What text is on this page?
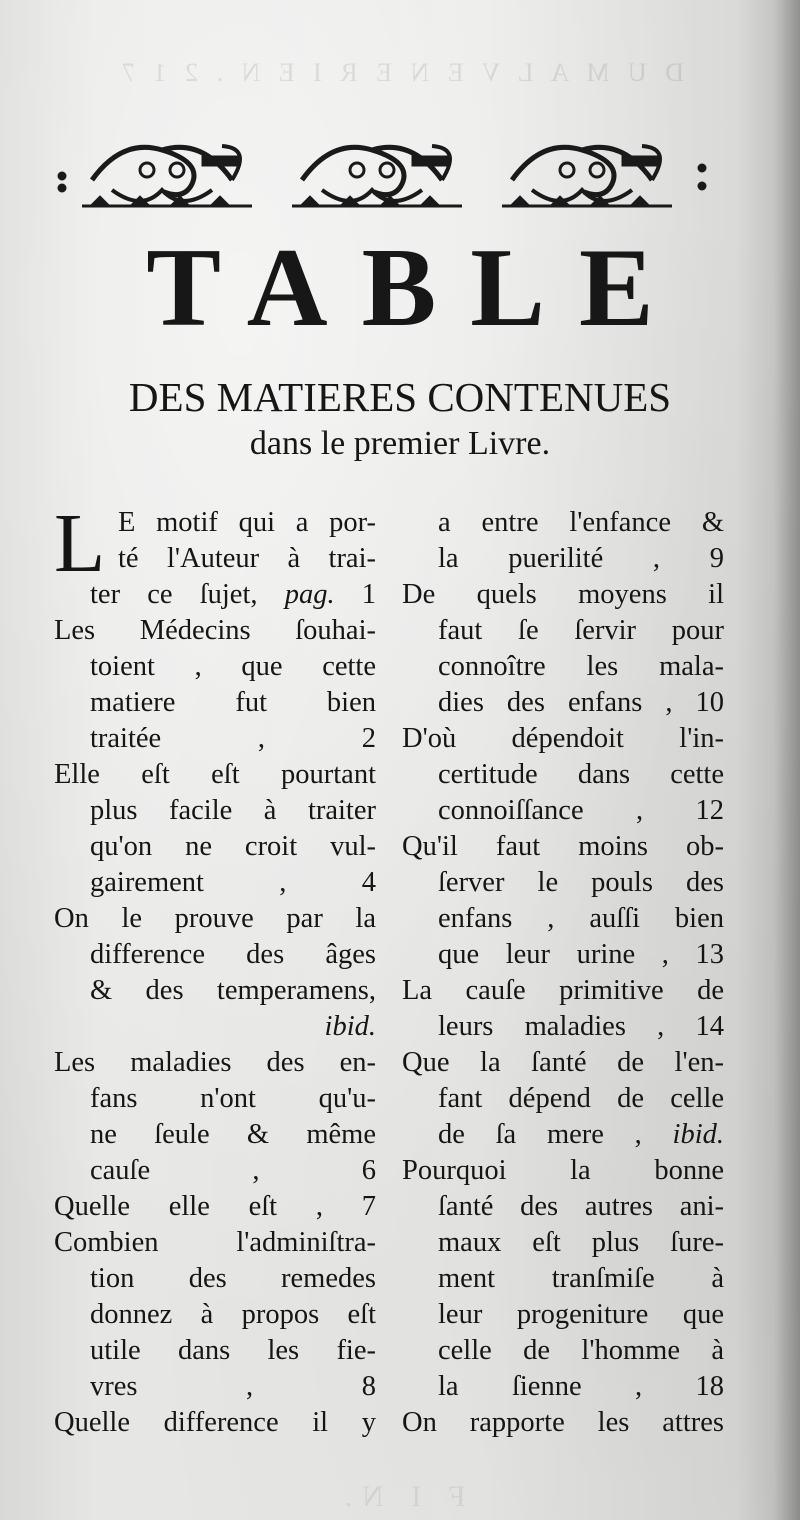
D U M A L V E N E R I E N . 2 1 7
TABLE
DES MATIERES CONTENUES
dans le premier Livre.
L E motif qui a por-
té l'Auteur à trai-
ter ce ſujet, pag. 1
Les Médecins ſouhai-
toient , que cette
matiere fut bien
traitée ,	2
Elle eſt eſt pourtant
plus facile à traiter
qu'on ne croit vul-
gairement ,	4
On le prouve par la
difference des âges
& des temperamens,
ibid.
Les maladies des en-
fans n'ont qu'u-
ne ſeule & même
cauſe ,	6
Quelle elle eſt , 7
Combien l'adminiſtra-
tion des remedes
donnez à propos eſt
utile dans les fie-
vres ,	8
Quelle difference il y
a entre l'enfance &
la puerilité , 9
De quels moyens il
faut ſe ſervir pour
connoître les mala-
dies des enfans , 10
D'où dépendoit l'in-
certitude dans cette
connoiſſance , 12
Qu'il faut moins ob-
ſerver le pouls des
enfans , auſſi bien
que leur urine , 13
La cauſe primitive de
leurs maladies , 14
Que la ſanté de l'en-
fant dépend de celle
de ſa mere , ibid.
Pourquoi la bonne
ſanté des autres ani-
maux eſt plus ſure-
ment tranſmiſe à
leur progeniture que
celle de l'homme à
la ſienne , 18
On rapporte les attres
F I N.
